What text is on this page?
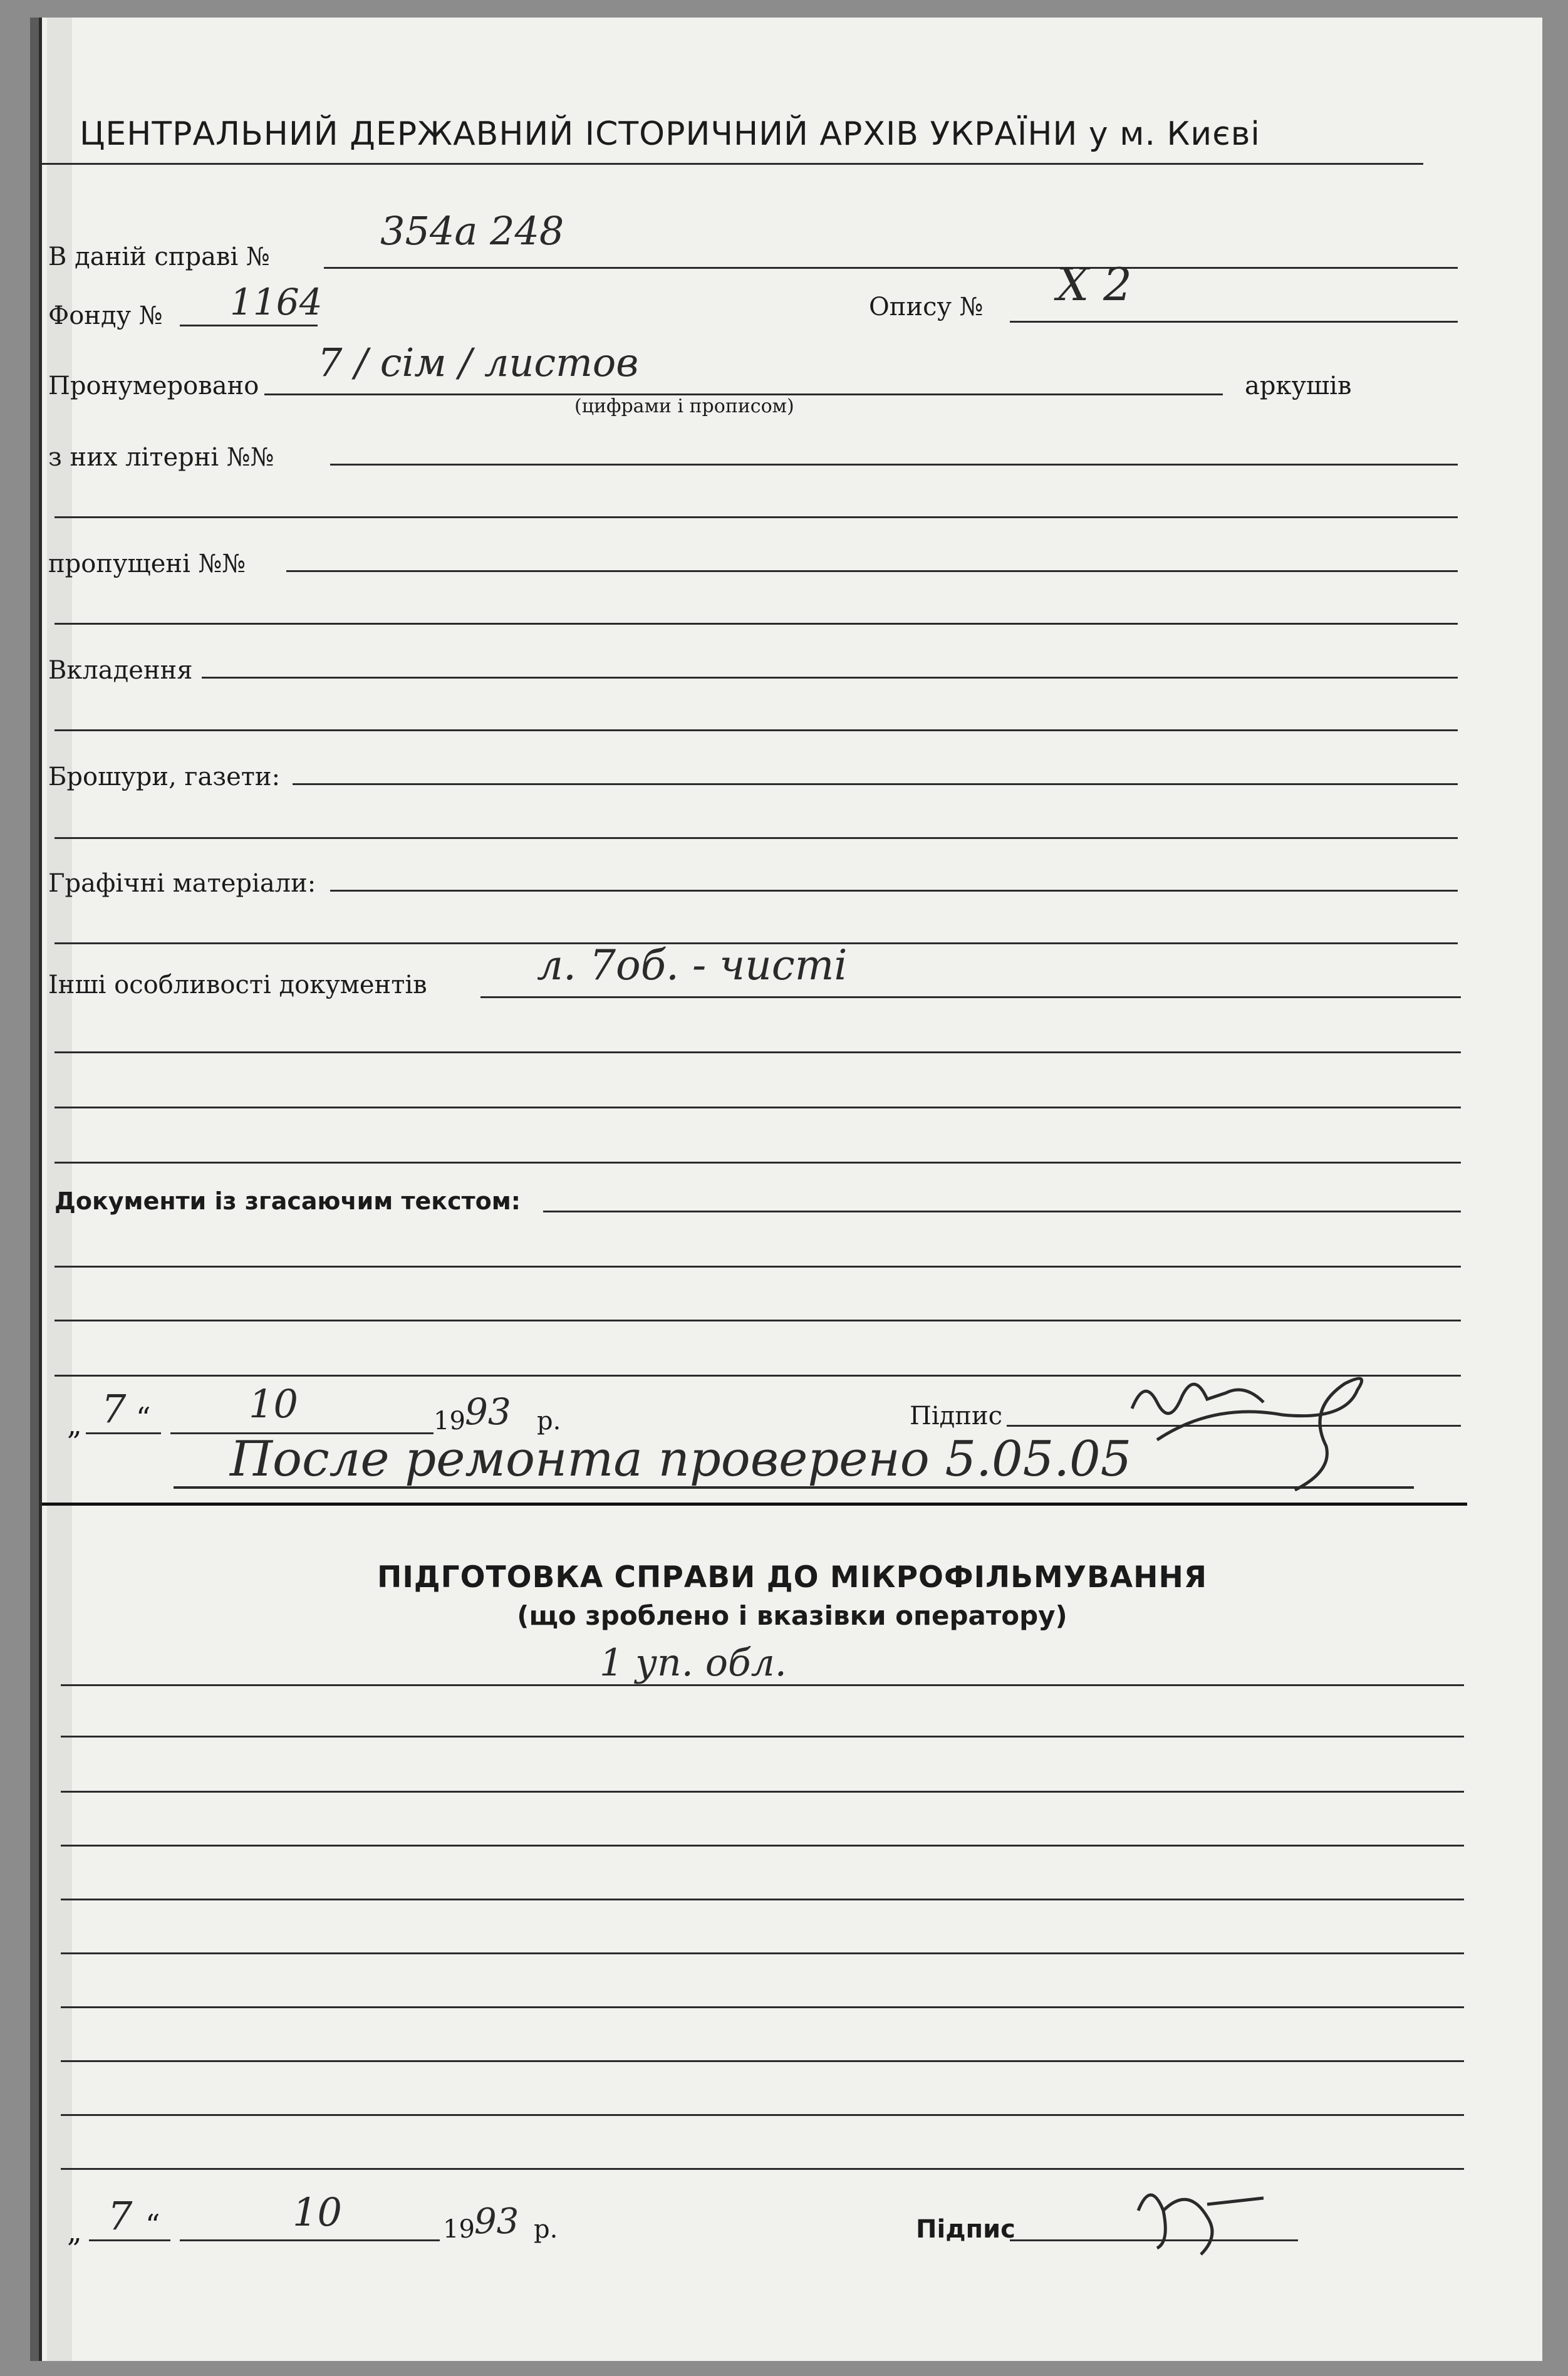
ЦЕНТРАЛЬНИЙ ДЕРЖАВНИЙ ІСТОРИЧНИЙ АРХІВ УКРАЇНИ у м. Києві
В даній справі №
354а 248
Фонду № 1164	Опису № Х 2
Пронумеровано
7 / сім / листов
аркушів
(цифрами і прописом)
з них літерні №№
пропущені №№
Вкладення
Брошури, газети:
Графічні матеріали:
Інші особливості документів	л. 7об. - чисті
Документи із згасаючим текстом:
„ 7 “	10	19 93 р.	Підпис
После ремонта проверено 5.05.05
ПІДГОТОВКА СПРАВИ ДО МІКРОФІЛЬМУВАННЯ
(що зроблено і вказівки оператору)
1 уп. обл.
„ 7 “	10	19 93 р.	Підпис
